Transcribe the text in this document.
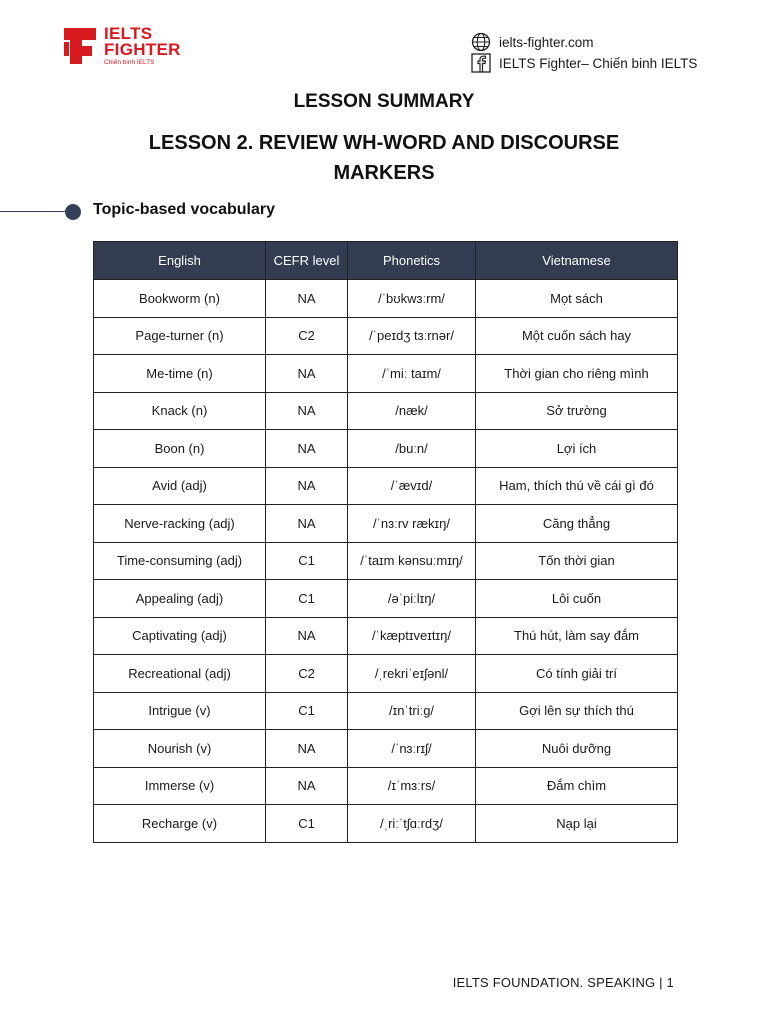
IELTS
FIGHTER
Chiến binh IELTS
ielts-fighter.com
IELTS Fighter– Chiến binh IELTS
LESSON SUMMARY
LESSON 2. REVIEW WH-WORD AND DISCOURSE
MARKERS
Topic-based vocabulary
English	CEFR level	Phonetics	Vietnamese
Bookworm (n)	NA	/ˈbʊkwɜːrm/	Mọt sách
Page-turner (n)	C2	/ˈpeɪdʒ tɜːrnər/	Một cuốn sách hay
Me-time (n)	NA	/ˈmiː taɪm/	Thời gian cho riêng mình
Knack (n)	NA	/næk/	Sở trường
Boon (n)	NA	/buːn/	Lợi ích
Avid (adj)	NA	/ˈævɪd/	Ham, thích thú về cái gì đó
Nerve-racking (adj)	NA	/ˈnɜːrv rækɪŋ/	Căng thẳng
Time-consuming (adj)	C1	/ˈtaɪm kənsuːmɪŋ/	Tốn thời gian
Appealing (adj)	C1	/əˈpiːlɪŋ/	Lôi cuốn
Captivating (adj)	NA	/ˈkæptɪveɪtɪŋ/	Thú hút, làm say đắm
Recreational (adj)	C2	/ˌrekriˈeɪʃənl/	Có tính giải trí
Intrigue (v)	C1	/ɪnˈtriːɡ/	Gợi lên sự thích thú
Nourish (v)	NA	/ˈnɜːrɪʃ/	Nuôi dưỡng
Immerse (v)	NA	/ɪˈmɜːrs/	Đắm chìm
Recharge (v)	C1	/ˌriːˈtʃɑːrdʒ/	Nạp lại
IELTS FOUNDATION. SPEAKING | 1
